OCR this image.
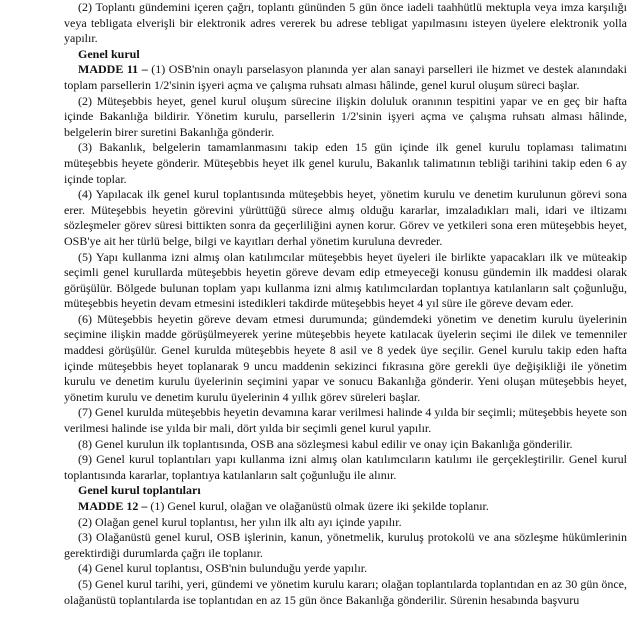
(2) Toplantı gündemini içeren çağrı, toplantı gününden 5 gün önce iadeli taahhütlü mektupla veya imza karşılığı veya tebligata elverişli bir elektronik adres vererek bu adrese tebligat yapılmasını isteyen üyelere elektronik yolla yapılır.

Genel kurul

MADDE 11 – (1) OSB'nin onaylı parselasyon planında yer alan sanayi parselleri ile hizmet ve destek alanındaki toplam parsellerin 1/2'sinin işyeri açma ve çalışma ruhsatı alması hâlinde, genel kurul oluşum süreci başlar.

(2) Müteşebbis heyet, genel kurul oluşum sürecine ilişkin doluluk oranının tespitini yapar ve en geç bir hafta içinde Bakanlığa bildirir. Yönetim kurulu, parsellerin 1/2'sinin işyeri açma ve çalışma ruhsatı alması hâlinde, belgelerin birer suretini Bakanlığa gönderir.

(3) Bakanlık, belgelerin tamamlanmasını takip eden 15 gün içinde ilk genel kurulu toplaması talimatını müteşebbis heyete gönderir. Müteşebbis heyet ilk genel kurulu, Bakanlık talimatının tebliği tarihini takip eden 6 ay içinde toplar.

(4) Yapılacak ilk genel kurul toplantısında müteşebbis heyet, yönetim kurulu ve denetim kurulunun görevi sona erer. Müteşebbis heyetin görevini yürüttüğü sürece almış olduğu kararlar, imzaladıkları mali, idari ve iltizamı sözleşmeler görev süresi bittikten sonra da geçerliliğini aynen korur. Görev ve yetkileri sona eren müteşebbis heyet, OSB'ye ait her türlü belge, bilgi ve kayıtları derhal yönetim kuruluna devreder.

(5) Yapı kullanma izni almış olan katılımcılar müteşebbis heyet üyeleri ile birlikte yapacakları ilk ve müteakip seçimli genel kurullarda müteşebbis heyetin göreve devam edip etmeyeceği konusu gündemin ilk maddesi olarak görüşülür. Bölgede bulunan toplam yapı kullanma izni almış katılımcılardan toplantıya katılanların salt çoğunluğu, müteşebbis heyetin devam etmesini istedikleri takdirde müteşebbis heyet 4 yıl süre ile göreve devam eder.

(6) Müteşebbis heyetin göreve devam etmesi durumunda; gündemdeki yönetim ve denetim kurulu üyelerinin seçimine ilişkin madde görüşülmeyerek yerine müteşebbis heyete katılacak üyelerin seçimi ile dilek ve temenniler maddesi görüşülür. Genel kurulda müteşebbis heyete 8 asil ve 8 yedek üye seçilir. Genel kurulu takip eden hafta içinde müteşebbis heyet toplanarak 9 uncu maddenin sekizinci fıkrasına göre gerekli üye değişikliği ile yönetim kurulu ve denetim kurulu üyelerinin seçimini yapar ve sonucu Bakanlığa gönderir. Yeni oluşan müteşebbis heyet, yönetim kurulu ve denetim kurulu üyelerinin 4 yıllık görev süreleri başlar.

(7) Genel kurulda müteşebbis heyetin devamına karar verilmesi halinde 4 yılda bir seçimli; müteşebbis heyete son verilmesi halinde ise yılda bir mali, dört yılda bir seçimli genel kurul yapılır.

(8) Genel kurulun ilk toplantısında, OSB ana sözleşmesi kabul edilir ve onay için Bakanlığa gönderilir.

(9) Genel kurul toplantıları yapı kullanma izni almış olan katılımcıların katılımı ile gerçekleştirilir. Genel kurul toplantısında kararlar, toplantıya katılanların salt çoğunluğu ile alınır.

Genel kurul toplantıları

MADDE 12 – (1) Genel kurul, olağan ve olağanüstü olmak üzere iki şekilde toplanır.

(2) Olağan genel kurul toplantısı, her yılın ilk altı ayı içinde yapılır.

(3) Olağanüstü genel kurul, OSB işlerinin, kanun, yönetmelik, kuruluş protokolü ve ana sözleşme hükümlerinin gerektirdiği durumlarda çağrı ile toplanır.

(4) Genel kurul toplantısı, OSB'nin bulunduğu yerde yapılır.

(5) Genel kurul tarihi, yeri, gündemi ve yönetim kurulu kararı; olağan toplantılarda toplantıdan en az 30 gün önce, olağanüstü toplantılarda ise toplantıdan en az 15 gün önce Bakanlığa gönderilir. Sürenin hesabında başvuru
